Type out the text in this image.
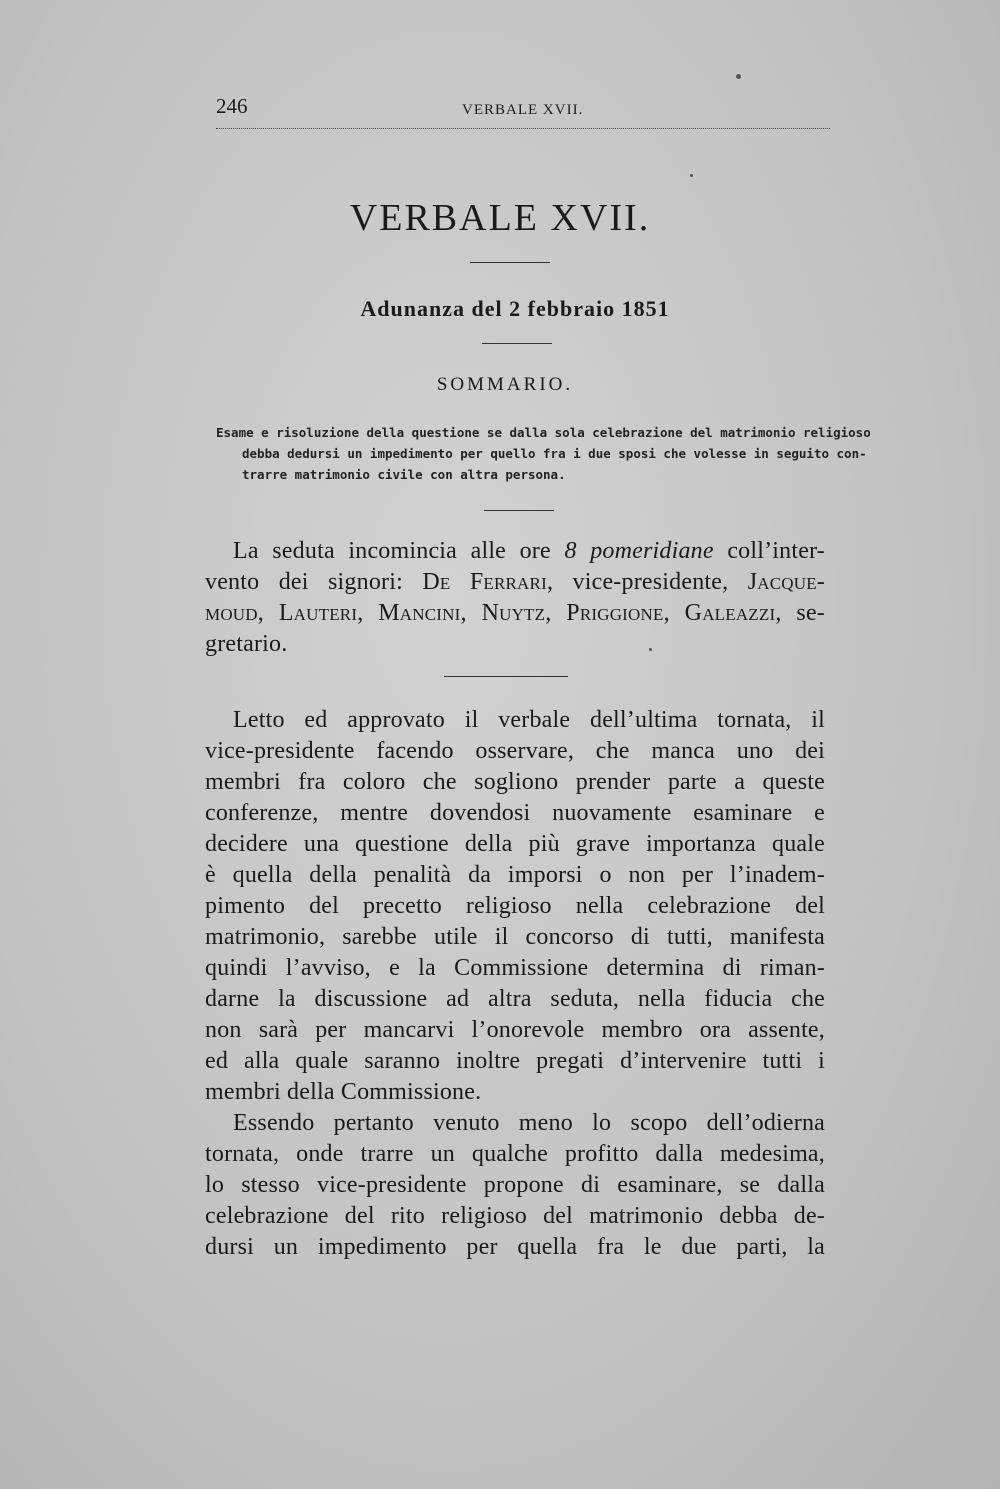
246	VERBALE XVII.
VERBALE XVII.
Adunanza del 2 febbraio 1851
SOMMARIO.
Esame e risoluzione della questione se dalla sola celebrazione del matrimonio religioso
debba dedursi un impedimento per quello fra i due sposi che volesse in seguito con-
trarre matrimonio civile con altra persona.
La seduta incomincia alle ore 8 pomeridiane coll’inter-
vento dei signori: De Ferrari, vice-presidente, Jacque-
moud, Lauteri, Mancini, Nuytz, Priggione, Galeazzi, se-
gretario.
Letto ed approvato il verbale dell’ultima tornata, il
vice-presidente facendo osservare, che manca uno dei
membri fra coloro che sogliono prender parte a queste
conferenze, mentre dovendosi nuovamente esaminare e
decidere una questione della più grave importanza quale
è quella della penalità da imporsi o non per l’inadem-
pimento del precetto religioso nella celebrazione del
matrimonio, sarebbe utile il concorso di tutti, manifesta
quindi l’avviso, e la Commissione determina di riman-
darne la discussione ad altra seduta, nella fiducia che
non sarà per mancarvi l’onorevole membro ora assente,
ed alla quale saranno inoltre pregati d’intervenire tutti i
membri della Commissione.
Essendo pertanto venuto meno lo scopo dell’odierna
tornata, onde trarre un qualche profitto dalla medesima,
lo stesso vice-presidente propone di esaminare, se dalla
celebrazione del rito religioso del matrimonio debba de-
dursi un impedimento per quella fra le due parti, la
